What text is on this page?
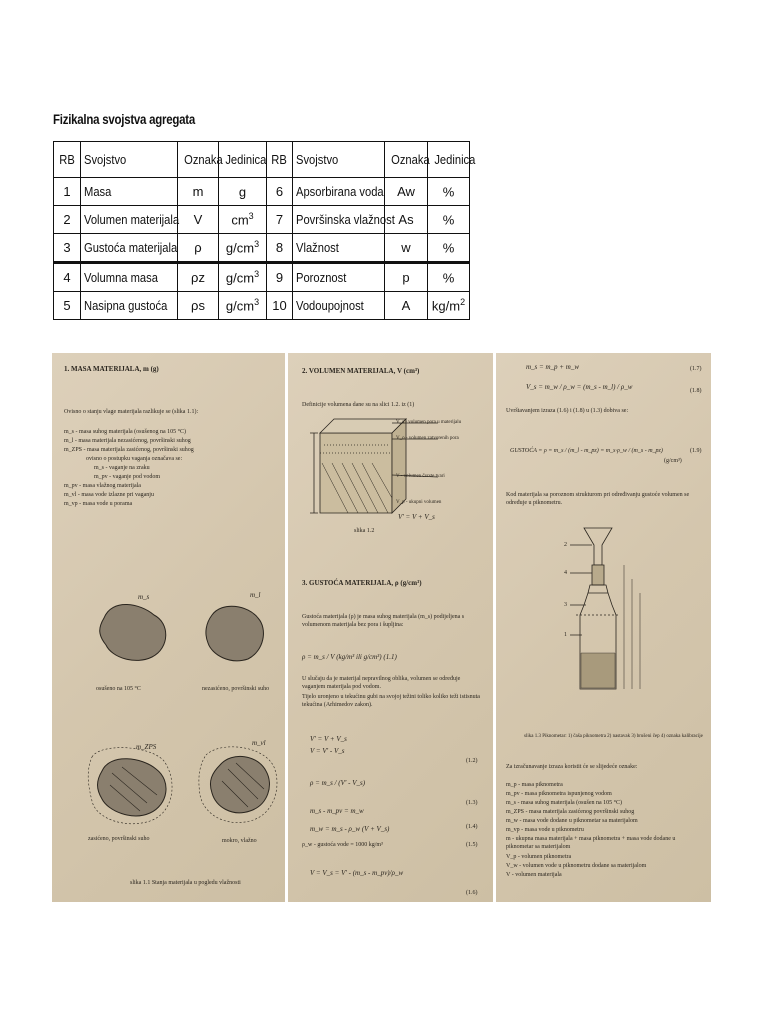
Fizikalna svojstva agregata
RB	Svojstvo	Oznaka	Jedinica	RB	Svojstvo	Oznaka	Jedinica
1	Masa	m	g	6	Apsorbirana voda	Aw	%
2	Volumen materijala	V	$cm^3$	7	Površinska vlažnost	As	%
3	Gustoća materijala	ρ	$g/cm^3$	8	Vlažnost	w	%
4	Volumna masa	ρz	$g/cm^3$	9	Poroznost	p	%
5	Nasipna gustoća	ρs	$g/cm^3$	10	Vodoupojnost	A	$kg/m^2$
1. MASA MATERIJALA, m (g)
Ovisno o stanju vlage materijala razlikuje se (slika 1.1):
m_s - masa suhog materijala (osušenog na 105 °C)
m_l - masa materijala nezasićenog, površinski suhog
m_ZPS - masa materijala zasićenog, površinski suhog
ovisno o postupku vaganja označava se:
m_s - vaganje na zraku
m_pv - vaganje pod vodom
m_pv - masa vlažnog materijala
m_vl - masa vode izlazne pri vaganju
m_vp - masa vode u porama
m_s	m_l
m_ZPS	m_vl
osušeno na 105 °C	nezasićeno, površinski suho
zasićeno, površinski suho	mokro, vlažno
slika 1.1 Stanja materijala u pogledu vlažnosti
2. VOLUMEN MATERIJALA, V (cm³)
Definicije volumena dane su na slici 1.2. iz (1)
V_s - volumen pora u materijalu
V_o - volumen zatvorenih pora
V - volumen čvrste tvari
V_p - ukupni volumen
V' = V + V_s
slika 1.2
3. GUSTOĆA MATERIJALA, ρ (g/cm³)
Gustoća materijala (ρ) je masa suhog materijala (m_s) podijeljena s volumenom materijala bez pora i šupljina:
ρ = m_s / V (kg/m³ ili g/cm³) (1.1)
U slučaju da je materijal nepravilnog oblika, volumen se određuje vaganjem materijala pod vodom.
Tijelo uronjeno u tekućinu gubi na svojoj težini toliko koliko teži istisnuta tekućina (Arhimedov zakon).
V' = V + V_s
V = V' - V_s
ρ = m_s / (V' - V_s)
m_s - m_pv = m_w
m_w = m_s - ρ_w (V + V_s)
ρ_w - gustoća vode = 1000 kg/m³
V = V_s = V' - (m_s - m_pv)/ρ_w
(1.2)
(1.3)
(1.4)
(1.5)
(1.6)
m_s = m_p + m_w
V_s = m_w / ρ_w = (m_s - m_l) / ρ_w
(1.7)
(1.8)
Uvrštavanjem izraza (1.6) i (1.8) u (1.3) dobiva se:
GUSTOĆA = ρ = m_s / (m_l - m_pz) = m_s·ρ_w / (m_s - m_pz)
(g/cm³)
(1.9)
Kod materijala sa poroznom strukturom pri određivanju gustoće volumen se određuje u piknometru.
2
4
3
1
slika 1.3 Piknometar: 1) čaša piknometra 2) nastavak 3) brušeni čep 4) oznaka kalibracije
Za izračunavanje izraza koristit će se slijedeće oznake:
m_p - masa piknometra
m_pv - masa piknometra ispunjenog vodom
m_s - masa suhog materijala (osušen na 105 °C)
m_ZPS - masa materijala zasićenog površinski suhog
m_w - masa vode dodane u piknometar sa materijalom
m_vp - masa vode u piknometru
m - ukupna masa materijala + masa piknometra + masa vode dodane u piknometar sa materijalom
V_p - volumen piknometra
V_w - volumen vode u piknometru dodane sa materijalom
V - volumen materijala
